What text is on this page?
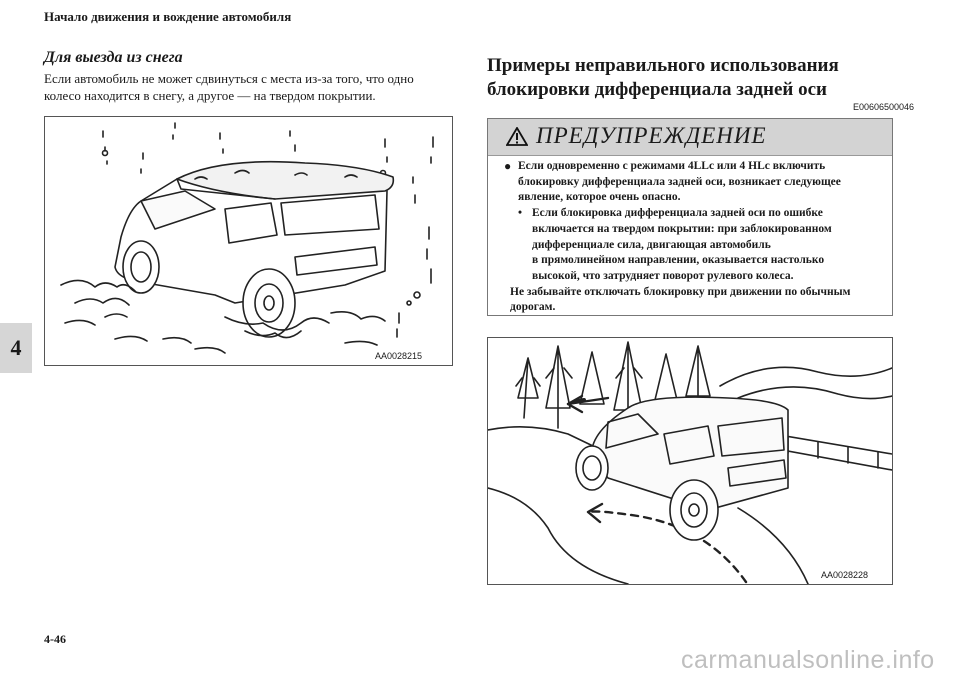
Начало движения и вождение автомобиля
4
Для выезда из снега
Если автомобиль не может сдвинуться с места из-за того, что одно
колесо находится в снегу, а другое — на твердом покрытии.
AA0028215
Примеры неправильного использования
блокировки дифференциала задней оси
E00606500046
ПРЕДУПРЕЖДЕНИЕ
● Если одновременно с режимами 4LLc или 4 HLc включить
блокировку дифференциала задней оси, возникает следующее
явление, которое очень опасно.
• Если блокировка дифференциала задней оси по ошибке
включается на твердом покрытии: при заблокированном
дифференциале сила, двигающая автомобиль
в прямолинейном направлении, оказывается настолько
высокой, что затрудняет поворот рулевого колеса.
Не забывайте отключать блокировку при движении по обычным
дорогам.
AA0028228
4-46
carmanualsonline.info
